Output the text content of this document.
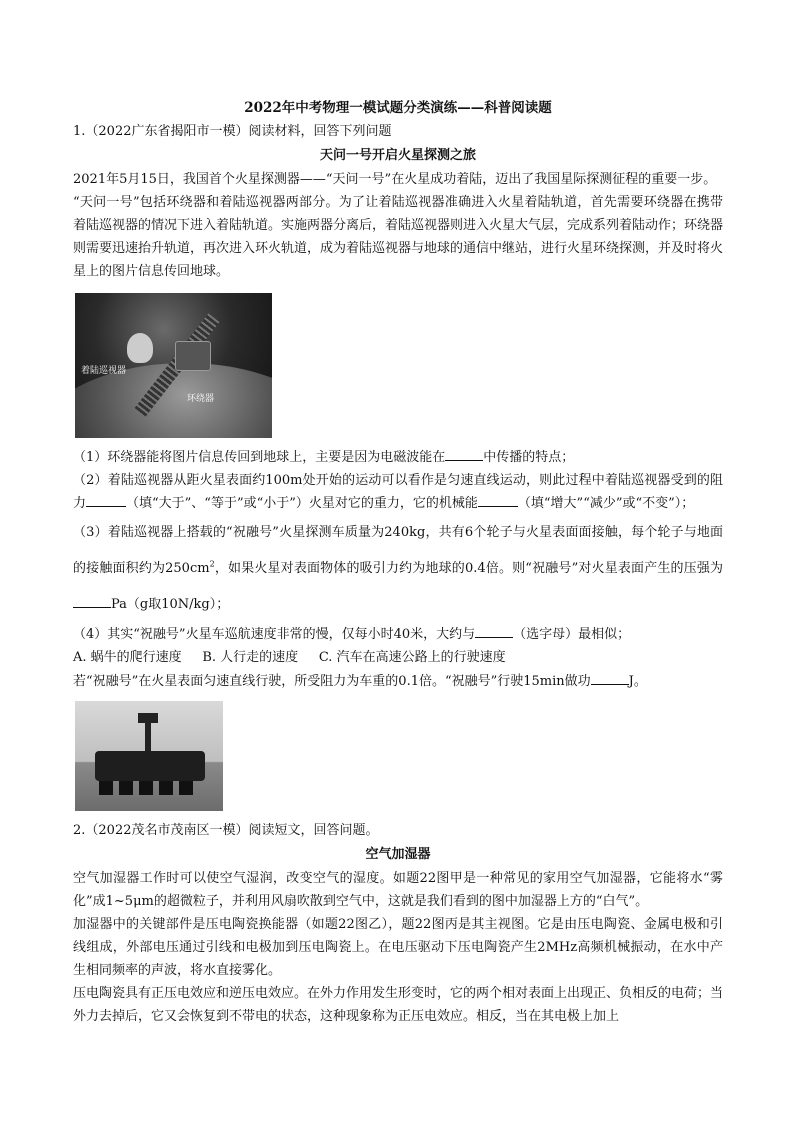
2022年中考物理一模试题分类演练——科普阅读题
1.（2022广东省揭阳市一模）阅读材料，回答下列问题
天问一号开启火星探测之旅
2021年5月15日，我国首个火星探测器——“天问一号”在火星成功着陆，迈出了我国星际探测征程的重要一步。
“天问一号”包括环绕器和着陆巡视器两部分。为了让着陆巡视器准确进入火星着陆轨道，首先需要环绕器在携带着陆巡视器的情况下进入着陆轨道。实施两器分离后，着陆巡视器则进入火星大气层，完成系列着陆动作；环绕器则需要迅速抬升轨道，再次进入环火轨道，成为着陆巡视器与地球的通信中继站，进行火星环绕探测，并及时将火星上的图片信息传回地球。
着陆巡视器
环绕器
（1）环绕器能将图片信息传回到地球上，主要是因为电磁波能在	中传播的特点；
（2）着陆巡视器从距火星表面约100m处开始的运动可以看作是匀速直线运动，则此过程中着陆巡视器受到的阻力	（填“大于”、“等于”或“小于”）火星对它的重力，它的机械能	（填“增大”“减少”或“不变”）；
（3）着陆巡视器上搭载的“祝融号”火星探测车质量为240kg，共有6个轮子与火星表面面接触，每个轮子与地面的接触面积约为$250cm^2$，如果火星对表面物体的吸引力约为地球的0.4倍。则“祝融号”对火星表面产生的压强为Pa（g取10N/kg）；
（4）其实“祝融号”火星车巡航速度非常的慢，仅每小时40米，大约与	（选字母）最相似；
A. 蜗牛的爬行速度 B. 人行走的速度 C. 汽车在高速公路上的行驶速度
若“祝融号”在火星表面匀速直线行驶，所受阻力为车重的0.1倍。“祝融号”行驶15min做功	J。
2.（2022茂名市茂南区一模）阅读短文，回答问题。
空气加湿器
空气加湿器工作时可以使空气湿润，改变空气的湿度。如题22图甲是一种常见的家用空气加湿器，它能将水“雾化”成1~5μm的超微粒子，并利用风扇吹散到空气中，这就是我们看到的图中加湿器上方的“白气”。
加湿器中的关键部件是压电陶瓷换能器（如题22图乙），题22图丙是其主视图。它是由压电陶瓷、金属电极和引线组成，外部电压通过引线和电极加到压电陶瓷上。在电压驱动下压电陶瓷产生2MHz高频机械振动，在水中产生相同频率的声波，将水直接雾化。
压电陶瓷具有正压电效应和逆压电效应。在外力作用发生形变时，它的两个相对表面上出现正、负相反的电荷；当外力去掉后，它又会恢复到不带电的状态，这种现象称为正压电效应。相反，当在其电极上加上
